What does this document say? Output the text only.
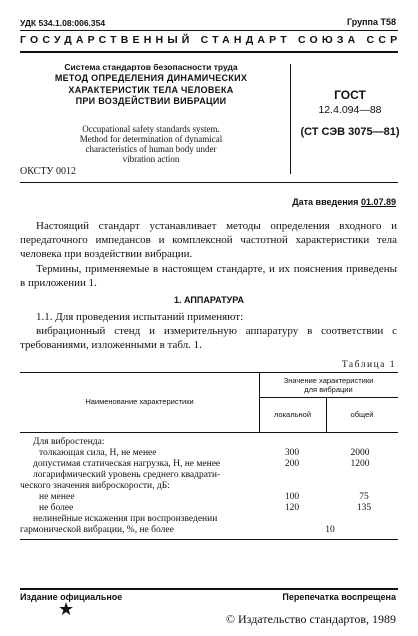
УДК 534.1.08:006.354	Группа Т58
ГОСУДАРСТВЕННЫЙ СТАНДАРТ СОЮЗА ССР
Система стандартов безопасности труда
МЕТОД ОПРЕДЕЛЕНИЯ ДИНАМИЧЕСКИХ
ХАРАКТЕРИСТИК ТЕЛА ЧЕЛОВЕКА
ПРИ ВОЗДЕЙСТВИИ ВИБРАЦИИ
Occupational safety standards system.
Method for determination of dynamical
characteristics of human body under
vibration action
ГОСТ
12.4.094—88
(СТ СЭВ 3075—81)
ОКСТУ 0012
Дата введения 01.07.89
Настоящий стандарт устанавливает методы определения входного и передаточного импедансов и комплексной частотной характеристики тела человека при воздействии вибрации.
Термины, применяемые в настоящем стандарте, и их пояснения приведены в приложении 1.
1. АППАРАТУРА
1.1. Для проведения испытаний применяют:
вибрационный стенд и измерительную аппаратуру в соответствии с требованиями, изложенными в табл. 1.
Таблица 1
Наименование характеристики
Значение характеристики
для вибрации
локальной	общей
Для вибростенда:
толкающая сила, Н, не менее	300	2000
допустимая статическая нагрузка, Н, не менее	200	1200
логарифмический уровень среднего квадрати-
ческого значения виброскорости, дБ:
не менее	100	75
не более	120	135
нелинейные искажения при воспроизведении
гармонической вибрации, %, не более	10
Издание официальное	Перепечатка воспрещена
★	© Издательство стандартов, 1989
